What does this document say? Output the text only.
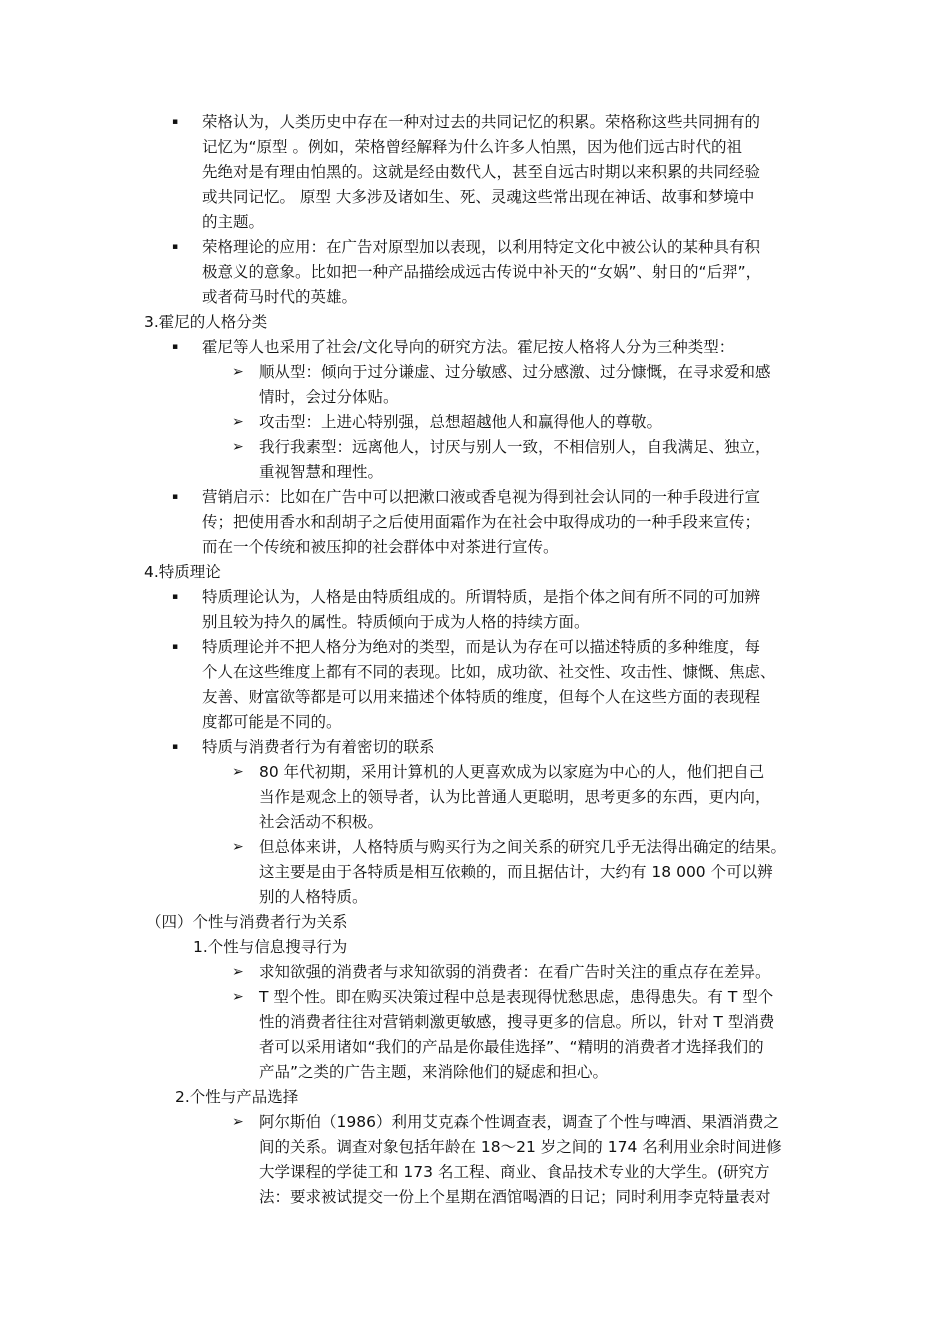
▪ 荣格认为，人类历史中存在一种对过去的共同记忆的积累。荣格称这些共同拥有的
记忆为“原型 。例如，荣格曾经解释为什么许多人怕黑，因为他们远古时代的祖
先绝对是有理由怕黑的。这就是经由数代人，甚至自远古时期以来积累的共同经验
或共同记忆。 原型 大多涉及诸如生、死、灵魂这些常出现在神话、故事和梦境中
的主题。
▪ 荣格理论的应用：在广告对原型加以表现，以利用特定文化中被公认的某种具有积
极意义的意象。比如把一种产品描绘成远古传说中补天的“女娲”、射日的“后羿”，
或者荷马时代的英雄。
3.霍尼的人格分类
▪ 霍尼等人也采用了社会/文化导向的研究方法。霍尼按人格将人分为三种类型：
➢ 顺从型：倾向于过分谦虚、过分敏感、过分感激、过分慷慨，在寻求爱和感
情时，会过分体贴。
➢ 攻击型：上进心特别强，总想超越他人和赢得他人的尊敬。
➢ 我行我素型：远离他人，讨厌与别人一致，不相信别人，自我满足、独立，
重视智慧和理性。
▪ 营销启示：比如在广告中可以把漱口液或香皂视为得到社会认同的一种手段进行宣
传；把使用香水和刮胡子之后使用面霜作为在社会中取得成功的一种手段来宣传；
而在一个传统和被压抑的社会群体中对茶进行宣传。
4.特质理论
▪ 特质理论认为，人格是由特质组成的。所谓特质，是指个体之间有所不同的可加辨
别且较为持久的属性。特质倾向于成为人格的持续方面。
▪ 特质理论并不把人格分为绝对的类型，而是认为存在可以描述特质的多种维度，每
个人在这些维度上都有不同的表现。比如，成功欲、社交性、攻击性、慷慨、焦虑、
友善、财富欲等都是可以用来描述个体特质的维度，但每个人在这些方面的表现程
度都可能是不同的。
▪ 特质与消费者行为有着密切的联系
➢ 80 年代初期，采用计算机的人更喜欢成为以家庭为中心的人，他们把自己
当作是观念上的领导者，认为比普通人更聪明，思考更多的东西，更内向，
社会活动不积极。
➢ 但总体来讲，人格特质与购买行为之间关系的研究几乎无法得出确定的结果。
这主要是由于各特质是相互依赖的，而且据估计，大约有 18 000 个可以辨
别的人格特质。
（四）个性与消费者行为关系
1.个性与信息搜寻行为
➢ 求知欲强的消费者与求知欲弱的消费者：在看广告时关注的重点存在差异。
➢ T 型个性。即在购买决策过程中总是表现得忧愁思虑，患得患失。有 T 型个
性的消费者往往对营销刺激更敏感，搜寻更多的信息。所以，针对 T 型消费
者可以采用诸如“我们的产品是你最佳选择”、“精明的消费者才选择我们的
产品”之类的广告主题，来消除他们的疑虑和担心。
2.个性与产品选择
➢ 阿尔斯伯（1986）利用艾克森个性调查表，调查了个性与啤酒、果酒消费之
间的关系。调查对象包括年龄在 18～21 岁之间的 174 名利用业余时间进修
大学课程的学徒工和 173 名工程、商业、食品技术专业的大学生。(研究方
法：要求被试提交一份上个星期在酒馆喝酒的日记；同时利用李克特量表对
